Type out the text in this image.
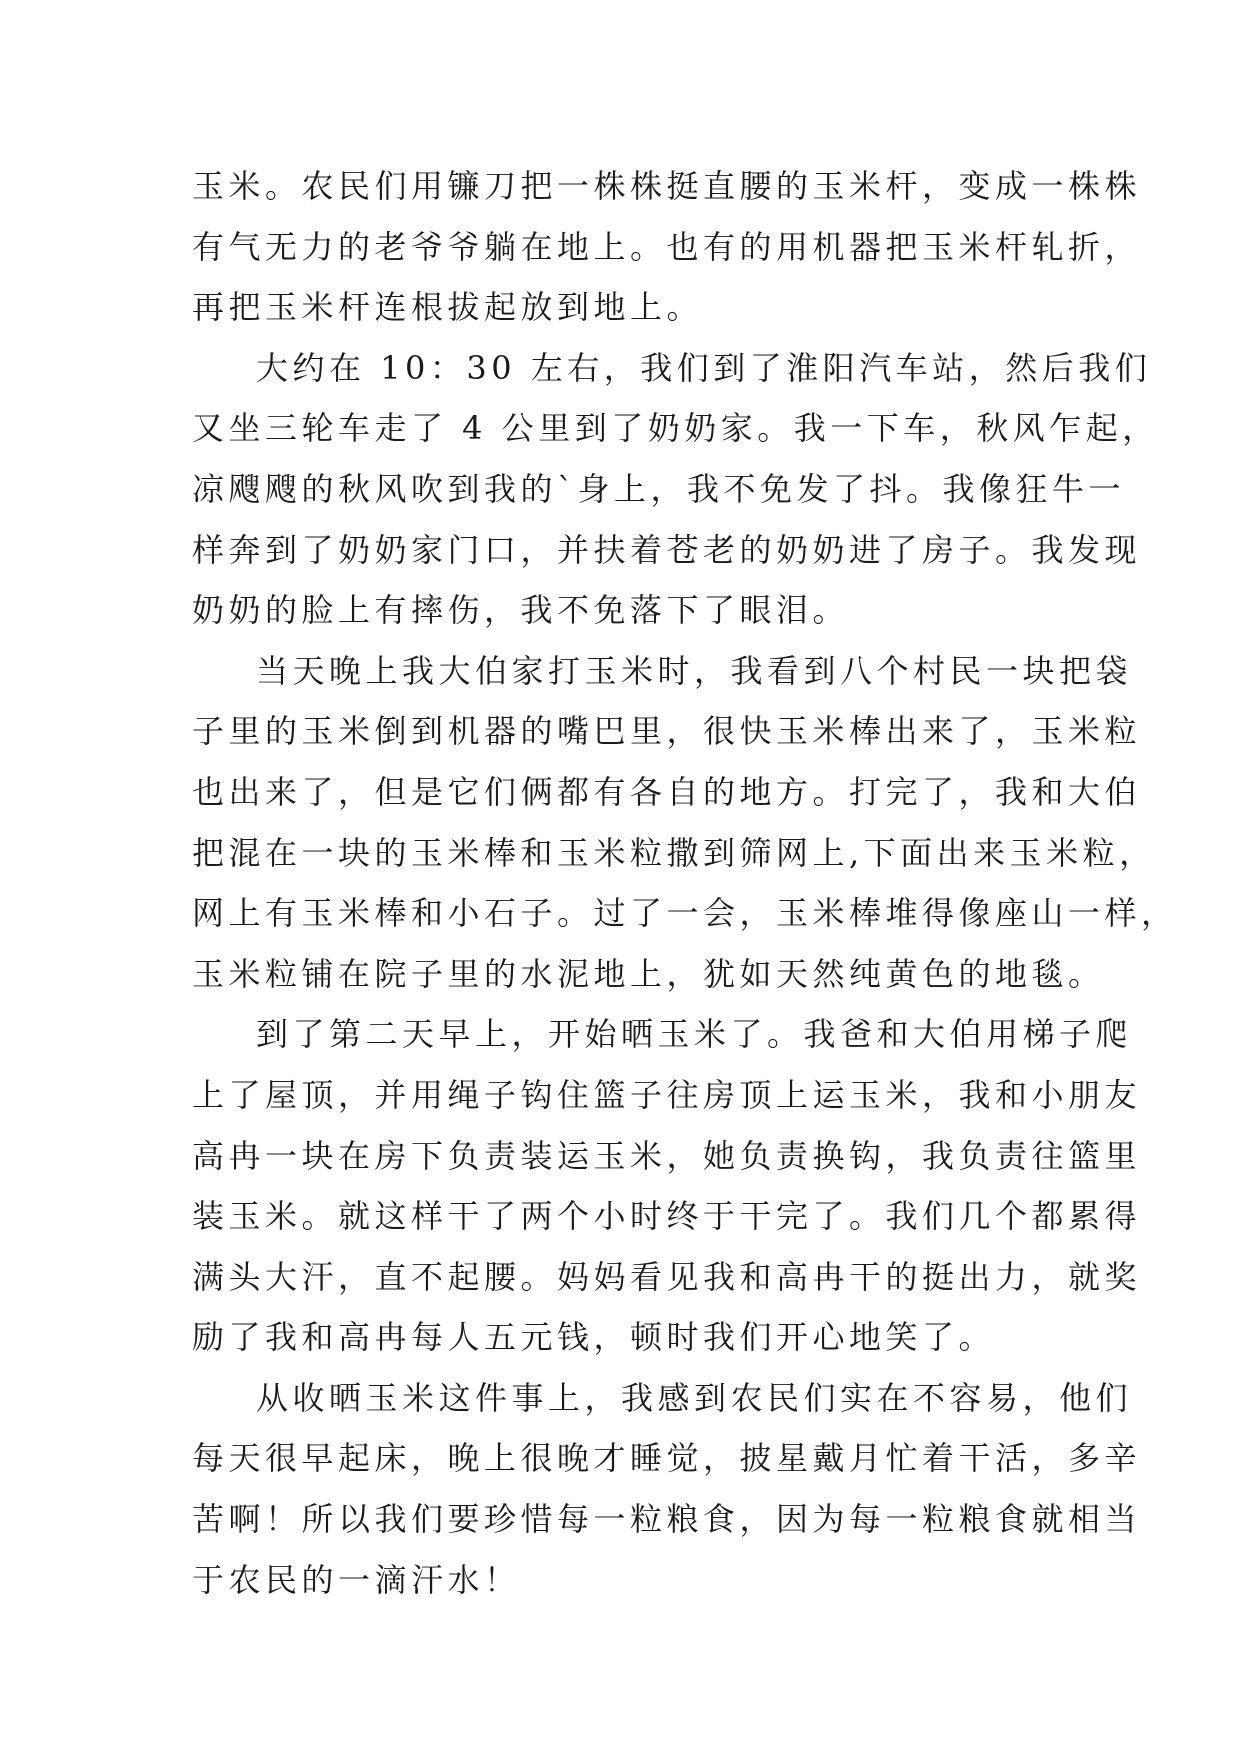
玉米。农民们用镰刀把一株株挺直腰的玉米杆，变成一株株
有气无力的老爷爷躺在地上。也有的用机器把玉米杆轧折，
再把玉米杆连根拔起放到地上。
大约在 10：30 左右，我们到了淮阳汽车站，然后我们
又坐三轮车走了 4 公里到了奶奶家。我一下车，秋风乍起，
凉飕飕的秋风吹到我的`身上，我不免发了抖。我像狂牛一
样奔到了奶奶家门口，并扶着苍老的奶奶进了房子。我发现
奶奶的脸上有摔伤，我不免落下了眼泪。
当天晚上我大伯家打玉米时，我看到八个村民一块把袋
子里的玉米倒到机器的嘴巴里，很快玉米棒出来了，玉米粒
也出来了，但是它们俩都有各自的地方。打完了，我和大伯
把混在一块的玉米棒和玉米粒撒到筛网上,下面出来玉米粒，
网上有玉米棒和小石子。过了一会，玉米棒堆得像座山一样，
玉米粒铺在院子里的水泥地上，犹如天然纯黄色的地毯。
到了第二天早上，开始晒玉米了。我爸和大伯用梯子爬
上了屋顶，并用绳子钩住篮子往房顶上运玉米，我和小朋友
高冉一块在房下负责装运玉米，她负责换钩，我负责往篮里
装玉米。就这样干了两个小时终于干完了。我们几个都累得
满头大汗，直不起腰。妈妈看见我和高冉干的挺出力，就奖
励了我和高冉每人五元钱，顿时我们开心地笑了。
从收晒玉米这件事上，我感到农民们实在不容易，他们
每天很早起床，晚上很晚才睡觉，披星戴月忙着干活，多辛
苦啊！所以我们要珍惜每一粒粮食，因为每一粒粮食就相当
于农民的一滴汗水！
